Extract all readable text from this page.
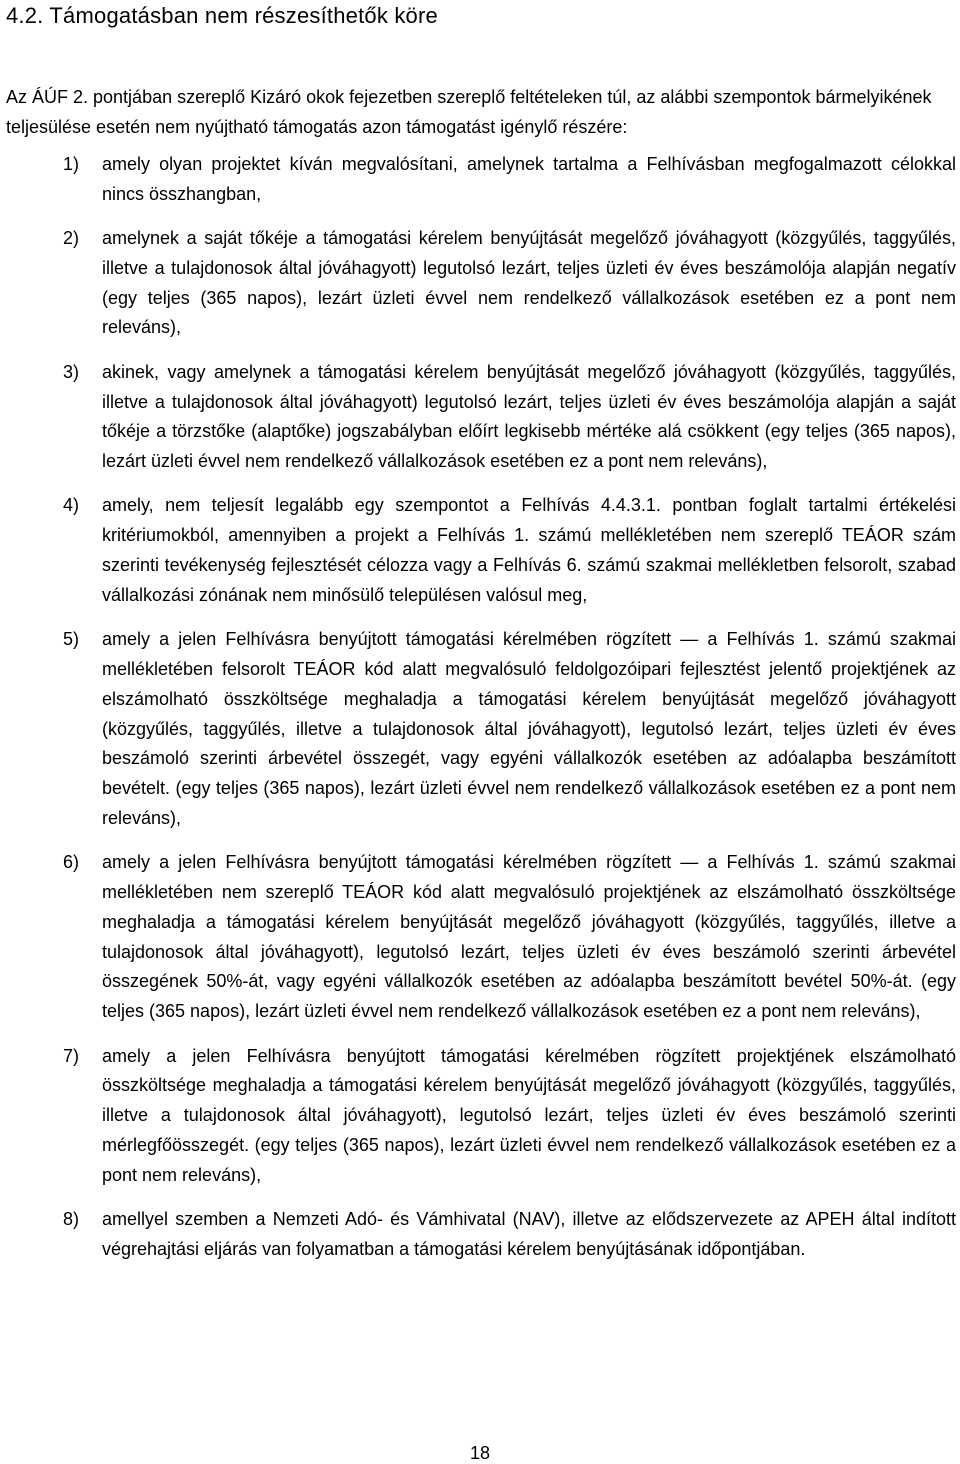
4.2. Támogatásban nem részesíthetők köre

Az ÁÚF 2. pontjában szereplő Kizáró okok fejezetben szereplő feltételeken túl, az alábbi szempontok bármelyikének teljesülése esetén nem nyújtható támogatás azon támogatást igénylő részére:

1) amely olyan projektet kíván megvalósítani, amelynek tartalma a Felhívásban megfogalmazott célokkal nincs összhangban,
2) amelynek a saját tőkéje a támogatási kérelem benyújtását megelőző jóváhagyott (közgyűlés, taggyűlés, illetve a tulajdonosok által jóváhagyott) legutolsó lezárt, teljes üzleti év éves beszámolója alapján negatív (egy teljes (365 napos), lezárt üzleti évvel nem rendelkező vállalkozások esetében ez a pont nem releváns),
3) akinek, vagy amelynek a támogatási kérelem benyújtását megelőző jóváhagyott (közgyűlés, taggyűlés, illetve a tulajdonosok által jóváhagyott) legutolsó lezárt, teljes üzleti év éves beszámolója alapján a saját tőkéje a törzstőke (alaptőke) jogszabályban előírt legkisebb mértéke alá csökkent (egy teljes (365 napos), lezárt üzleti évvel nem rendelkező vállalkozások esetében ez a pont nem releváns),
4) amely, nem teljesít legalább egy szempontot a Felhívás 4.4.3.1. pontban foglalt tartalmi értékelési kritériumokból, amennyiben a projekt a Felhívás 1. számú mellékletében nem szereplő TEÁOR szám szerinti tevékenység fejlesztését célozza vagy a Felhívás 6. számú szakmai mellékletben felsorolt, szabad vállalkozási zónának nem minősülő településen valósul meg,
5) amely a jelen Felhívásra benyújtott támogatási kérelmében rögzített — a Felhívás 1. számú szakmai mellékletében felsorolt TEÁOR kód alatt megvalósuló feldolgozóipari fejlesztést jelentő projektjének az elszámolható összköltsége meghaladja a támogatási kérelem benyújtását megelőző jóváhagyott (közgyűlés, taggyűlés, illetve a tulajdonosok által jóváhagyott), legutolsó lezárt, teljes üzleti év éves beszámoló szerinti árbevétel összegét, vagy egyéni vállalkozók esetében az adóalapba beszámított bevételt. (egy teljes (365 napos), lezárt üzleti évvel nem rendelkező vállalkozások esetében ez a pont nem releváns),
6) amely a jelen Felhívásra benyújtott támogatási kérelmében rögzített — a Felhívás 1. számú szakmai mellékletében nem szereplő TEÁOR kód alatt megvalósuló projektjének az elszámolható összköltsége meghaladja a támogatási kérelem benyújtását megelőző jóváhagyott (közgyűlés, taggyűlés, illetve a tulajdonosok által jóváhagyott), legutolsó lezárt, teljes üzleti év éves beszámoló szerinti árbevétel összegének 50%-át, vagy egyéni vállalkozók esetében az adóalapba beszámított bevétel 50%-át. (egy teljes (365 napos), lezárt üzleti évvel nem rendelkező vállalkozások esetében ez a pont nem releváns),
7) amely a jelen Felhívásra benyújtott támogatási kérelmében rögzített projektjének elszámolható összköltsége meghaladja a támogatási kérelem benyújtását megelőző jóváhagyott (közgyűlés, taggyűlés, illetve a tulajdonosok által jóváhagyott), legutolsó lezárt, teljes üzleti év éves beszámoló szerinti mérlegfőösszegét. (egy teljes (365 napos), lezárt üzleti évvel nem rendelkező vállalkozások esetében ez a pont nem releváns),
8) amellyel szemben a Nemzeti Adó- és Vámhivatal (NAV), illetve az elődszervezete az APEH által indított végrehajtási eljárás van folyamatban a támogatási kérelem benyújtásának időpontjában.
18
